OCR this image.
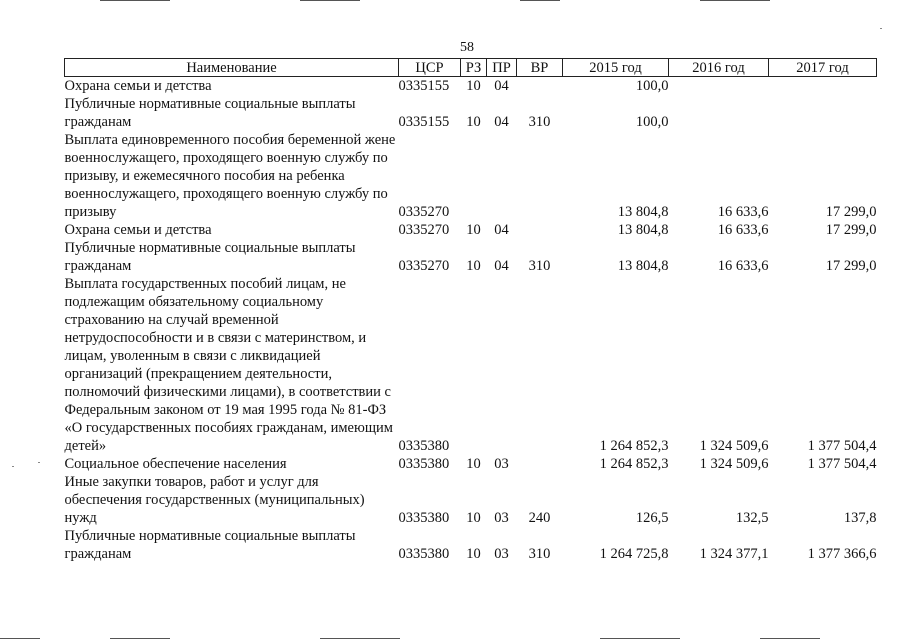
58
Наименование	ЦСР	РЗ	ПР	ВР	2015 год	2016 год	2017 год
Охрана семьи и детства	0335155	10	04		100,0		
Публичные нормативные социальные выплаты гражданам	0335155	10	04	310	100,0		
Выплата единовременного пособия беременной жене военнослужащего, проходящего военную службу по призыву, и ежемесячного пособия на ребенка военнослужащего, проходящего военную службу по призыву	0335270				13 804,8	16 633,6	17 299,0
Охрана семьи и детства	0335270	10	04		13 804,8	16 633,6	17 299,0
Публичные нормативные социальные выплаты гражданам	0335270	10	04	310	13 804,8	16 633,6	17 299,0
Выплата государственных пособий лицам, не подлежащим обязательному социальному страхованию на случай временной нетрудоспособности и в связи с материнством, и лицам, уволенным в связи с ликвидацией организаций (прекращением деятельности, полномочий физическими лицами), в соответствии с Федеральным законом от 19 мая 1995 года № 81-ФЗ «О государственных пособиях гражданам, имеющим детей»	0335380				1 264 852,3	1 324 509,6	1 377 504,4
Социальное обеспечение населения	0335380	10	03		1 264 852,3	1 324 509,6	1 377 504,4
Иные закупки товаров, работ и услуг для обеспечения государственных (муниципальных) нужд	0335380	10	03	240	126,5	132,5	137,8
Публичные нормативные социальные выплаты гражданам	0335380	10	03	310	1 264 725,8	1 324 377,1	1 377 366,6
